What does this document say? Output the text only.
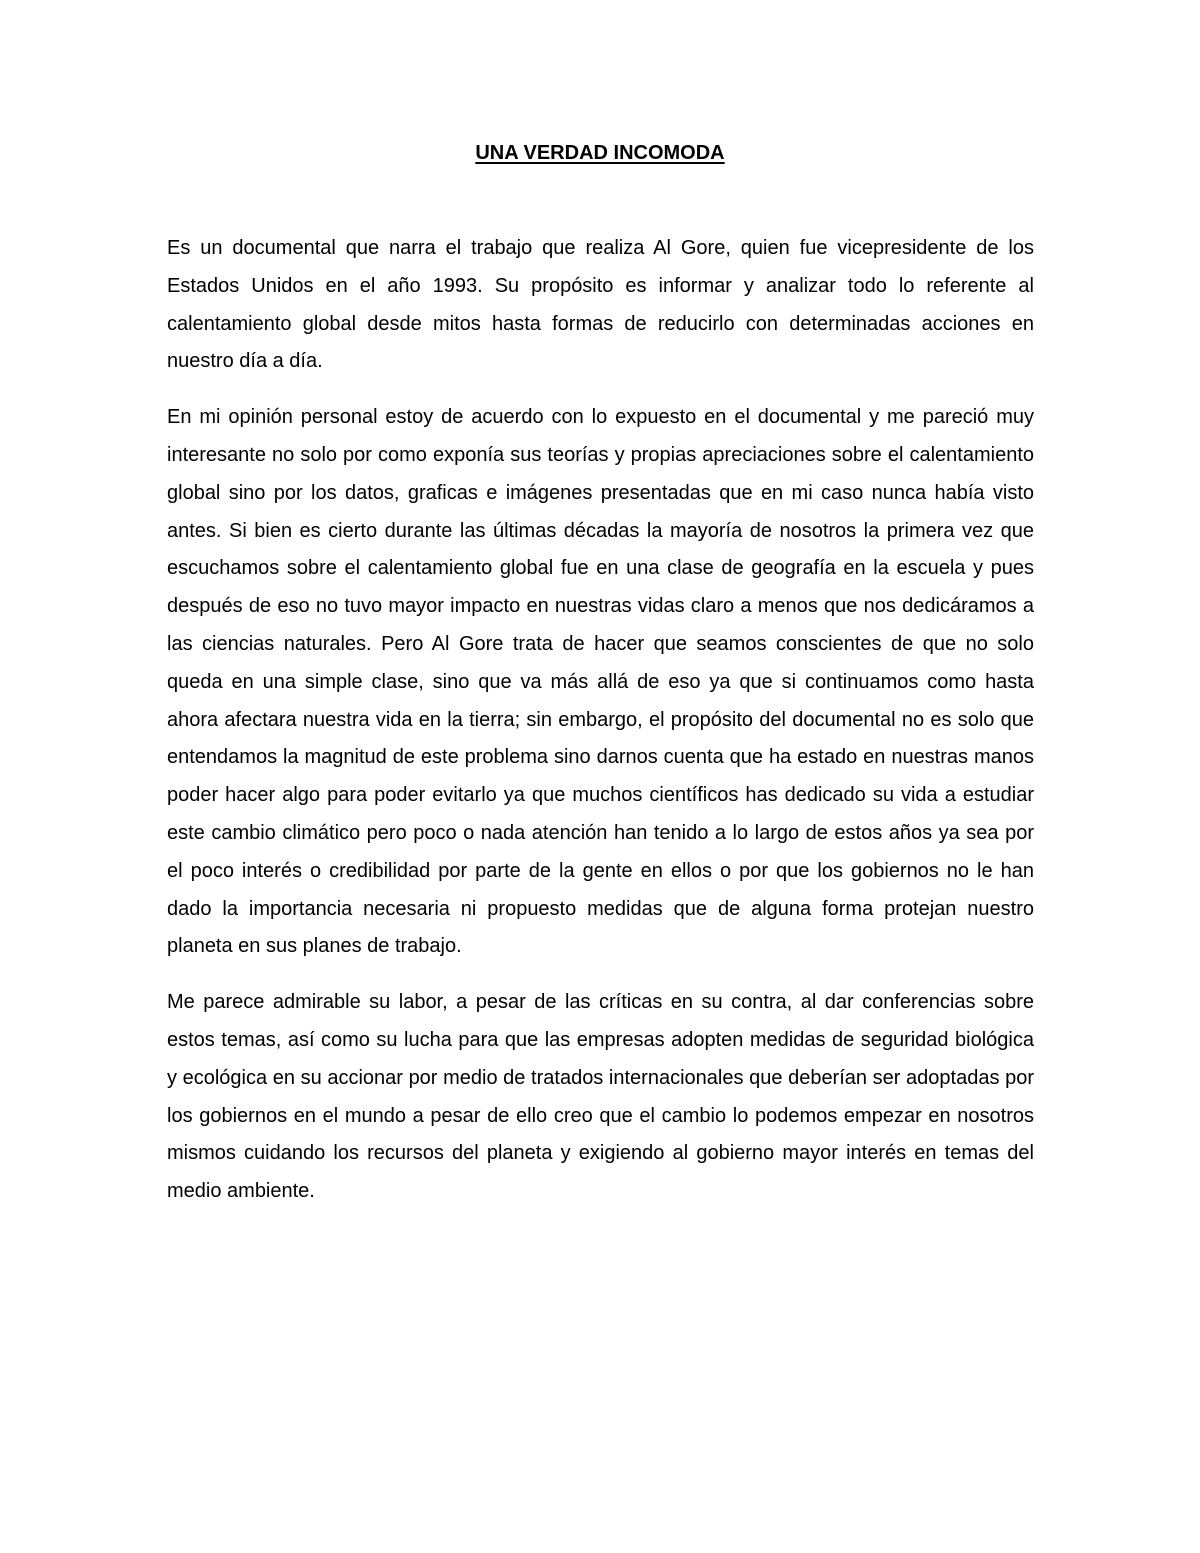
UNA VERDAD INCOMODA

Es un documental que narra el trabajo que realiza Al Gore, quien fue vicepresidente de los Estados Unidos en el año 1993. Su propósito es informar y analizar todo lo referente al calentamiento global desde mitos hasta formas de reducirlo con determinadas acciones en nuestro día a día.

En mi opinión personal estoy de acuerdo con lo expuesto en el documental y me pareció muy interesante no solo por como exponía sus teorías y propias apreciaciones sobre el calentamiento global sino por los datos, graficas e imágenes presentadas que en mi caso nunca había visto antes. Si bien es cierto durante las últimas décadas la mayoría de nosotros la primera vez que escuchamos sobre el calentamiento global fue en una clase de geografía en la escuela y pues después de eso no tuvo mayor impacto en nuestras vidas claro a menos que nos dedicáramos a las ciencias naturales. Pero Al Gore trata de hacer que seamos conscientes de que no solo queda en una simple clase, sino que va más allá de eso ya que si continuamos como hasta ahora afectara nuestra vida en la tierra; sin embargo, el propósito del documental no es solo que entendamos la magnitud de este problema sino darnos cuenta que ha estado en nuestras manos poder hacer algo para poder evitarlo ya que muchos científicos has dedicado su vida a estudiar este cambio climático pero poco o nada atención han tenido a lo largo de estos años ya sea por el poco interés o credibilidad por parte de la gente en ellos o por que los gobiernos no le han dado la importancia necesaria ni propuesto medidas que de alguna forma protejan nuestro planeta en sus planes de trabajo.

Me parece admirable su labor, a pesar de las críticas en su contra, al dar conferencias sobre estos temas, así como su lucha para que las empresas adopten medidas de seguridad biológica y ecológica en su accionar por medio de tratados internacionales que deberían ser adoptadas por los gobiernos en el mundo a pesar de ello creo que el cambio lo podemos empezar en nosotros mismos cuidando los recursos del planeta y exigiendo al gobierno mayor interés en temas del medio ambiente.
